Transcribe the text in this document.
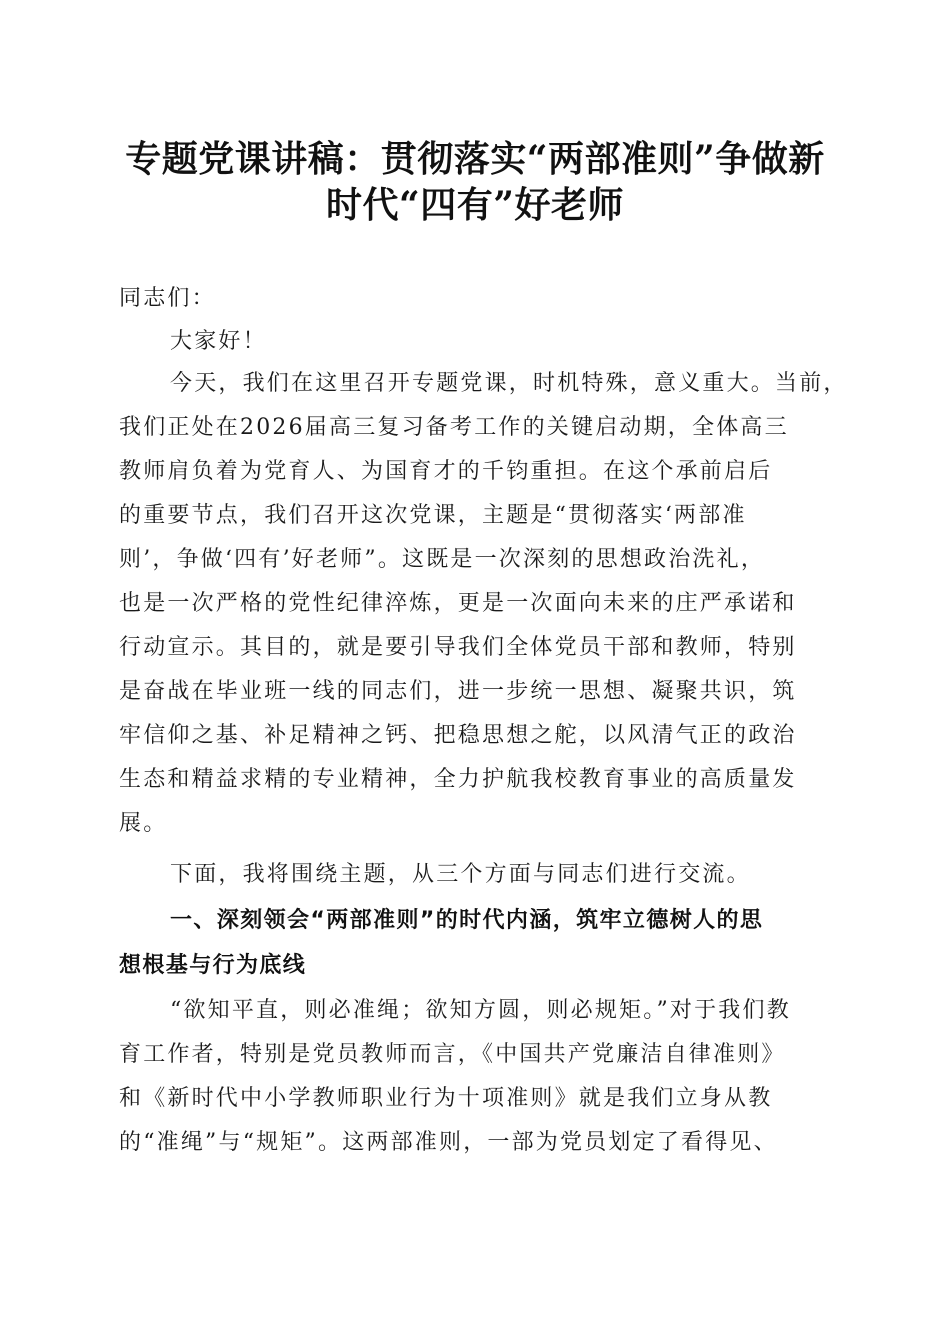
专题党课讲稿：贯彻落实“两部准则”争做新
时代“四有”好老师
同志们：
大家好！
今天，我们在这里召开专题党课，时机特殊，意义重大。当前，
我们正处在2026届高三复习备考工作的关键启动期，全体高三
教师肩负着为党育人、为国育才的千钧重担。在这个承前启后
的重要节点，我们召开这次党课，主题是“贯彻落实‘两部准
则’，争做‘四有’好老师”。这既是一次深刻的思想政治洗礼，
也是一次严格的党性纪律淬炼，更是一次面向未来的庄严承诺和
行动宣示。其目的，就是要引导我们全体党员干部和教师，特别
是奋战在毕业班一线的同志们，进一步统一思想、凝聚共识，筑
牢信仰之基、补足精神之钙、把稳思想之舵，以风清气正的政治
生态和精益求精的专业精神，全力护航我校教育事业的高质量发
展。
下面，我将围绕主题，从三个方面与同志们进行交流。
一、深刻领会“两部准则”的时代内涵，筑牢立德树人的思
想根基与行为底线
“欲知平直，则必准绳；欲知方圆，则必规矩。”对于我们教
育工作者，特别是党员教师而言，《中国共产党廉洁自律准则》
和《新时代中小学教师职业行为十项准则》就是我们立身从教
的“准绳”与“规矩”。这两部准则，一部为党员划定了看得见、
